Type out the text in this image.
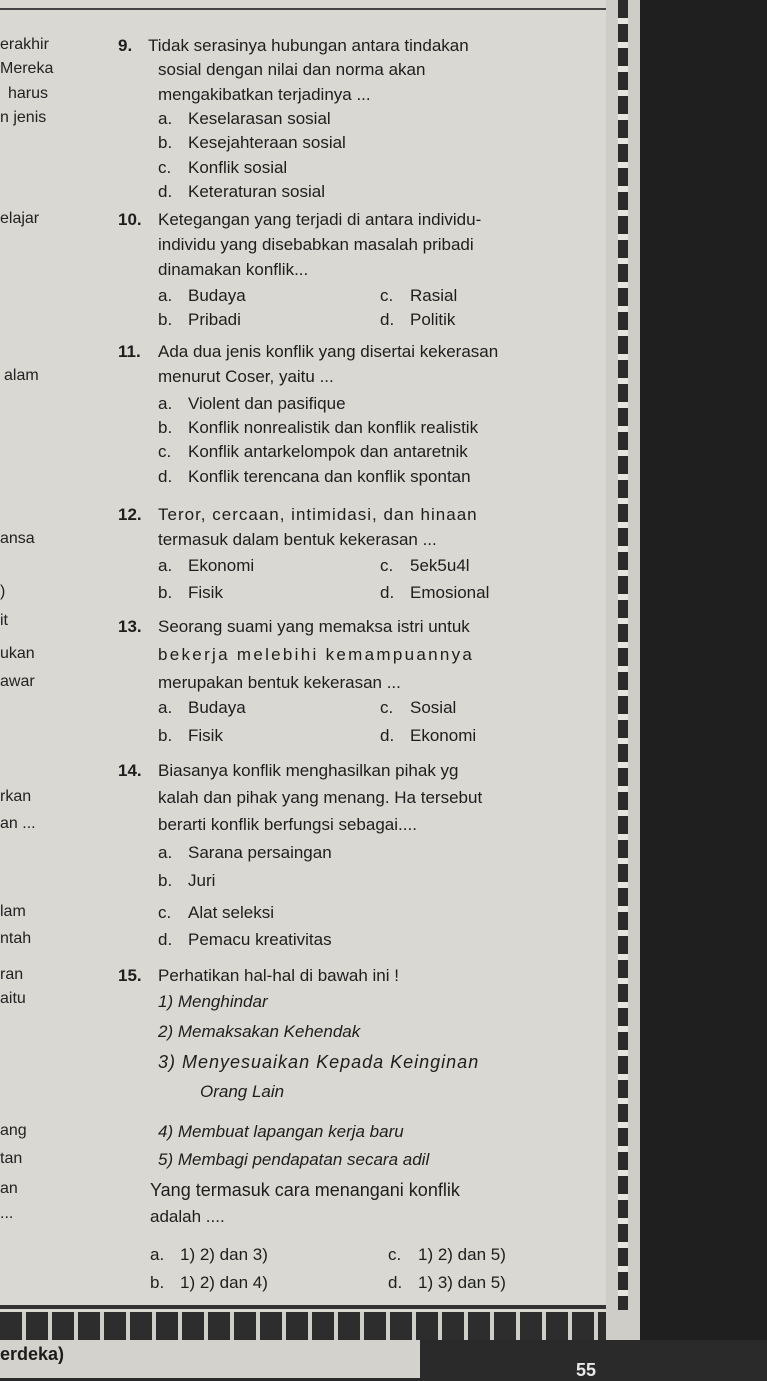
erakhir
Mereka
harus
n jenis
elajar
alam
ansa
)
it
ukan
awar
rkan
an ...
lam
ntah
ran
aitu
ang
tan
an
...
9. Tidak serasinya hubungan antara tindakan
sosial dengan nilai dan norma akan
mengakibatkan terjadinya ...
a. Keselarasan sosial
b. Kesejahteraan sosial
c. Konflik sosial
d. Keteraturan sosial
10. Ketegangan yang terjadi di antara individu-
individu yang disebabkan masalah pribadi
dinamakan konflik...
a. Budaya	c. Rasial
b. Pribadi	d. Politik
11. Ada dua jenis konflik yang disertai kekerasan
menurut Coser, yaitu ...
a. Violent dan pasifique
b. Konflik nonrealistik dan konflik realistik
c. Konflik antarkelompok dan antaretnik
d. Konflik terencana dan konflik spontan
12. Teror, cercaan, intimidasi, dan hinaan
termasuk dalam bentuk kekerasan ...
a. Ekonomi	c. 5ek5u4l
b. Fisik	d. Emosional
13. Seorang suami yang memaksa istri untuk
bekerja melebihi kemampuannya
merupakan bentuk kekerasan ...
a. Budaya	c. Sosial
b. Fisik	d. Ekonomi
14. Biasanya konflik menghasilkan pihak yg
kalah dan pihak yang menang. Ha tersebut
berarti konflik berfungsi sebagai....
a. Sarana persaingan
b. Juri
c. Alat seleksi
d. Pemacu kreativitas
15. Perhatikan hal-hal di bawah ini !
1) Menghindar
2) Memaksakan Kehendak
3) Menyesuaikan Kepada Keinginan
Orang Lain
4) Membuat lapangan kerja baru
5) Membagi pendapatan secara adil
Yang termasuk cara menangani konflik
adalah ....
a. 1) 2) dan 3)	c. 1) 2) dan 5)
b. 1) 2) dan 4)	d. 1) 3) dan 5)
erdeka)
55
